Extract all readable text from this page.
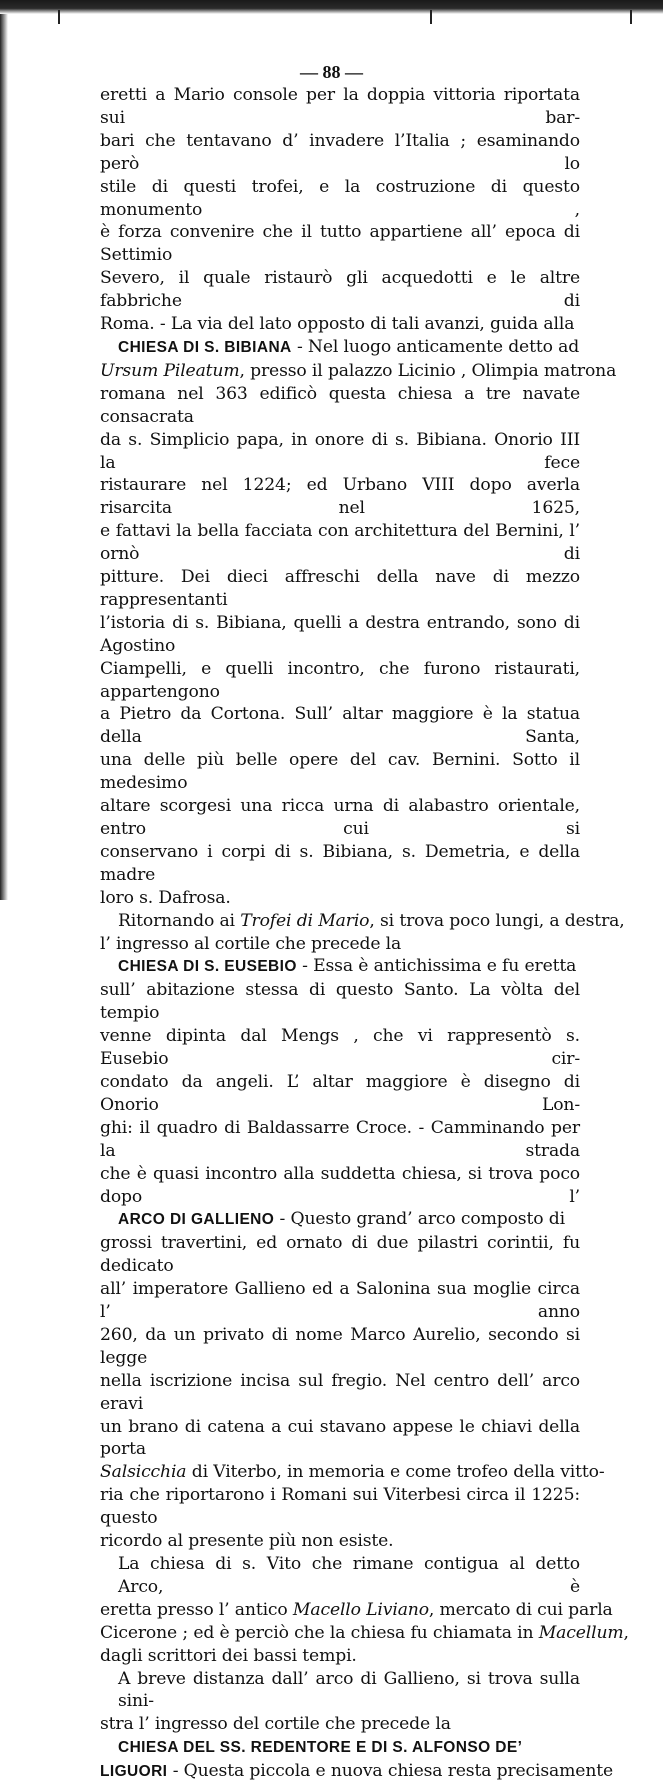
— 88 —
eretti a Mario console per la doppia vittoria riportata sui bar-
bari che tentavano d’ invadere l’Italia ; esaminando però lo
stile di questi trofei, e la costruzione di questo monumento ,
è forza convenire che il tutto appartiene all’ epoca di Settimio
Severo, il quale ristaurò gli acquedotti e le altre fabbriche di
Roma. - La via del lato opposto di tali avanzi, guida alla
CHIESA DI S. BIBIANA - Nel luogo anticamente detto ad
Ursum Pileatum, presso il palazzo Licinio , Olimpia matrona
romana nel 363 edificò questa chiesa a tre navate consacrata
da s. Simplicio papa, in onore di s. Bibiana. Onorio III la fece
ristaurare nel 1224; ed Urbano VIII dopo averla risarcita nel 1625,
e fattavi la bella facciata con architettura del Bernini, l’ ornò di
pitture. Dei dieci affreschi della nave di mezzo rappresentanti
l’istoria di s. Bibiana, quelli a destra entrando, sono di Agostino
Ciampelli, e quelli incontro, che furono ristaurati, appartengono
a Pietro da Cortona. Sull’ altar maggiore è la statua della Santa,
una delle più belle opere del cav. Bernini. Sotto il medesimo
altare scorgesi una ricca urna di alabastro orientale, entro cui si
conservano i corpi di s. Bibiana, s. Demetria, e della madre
loro s. Dafrosa.
Ritornando ai Trofei di Mario, si trova poco lungi, a destra,
l’ ingresso al cortile che precede la
CHIESA DI S. EUSEBIO - Essa è antichissima e fu eretta
sull’ abitazione stessa di questo Santo. La vòlta del tempio
venne dipinta dal Mengs , che vi rappresentò s. Eusebio cir-
condato da angeli. L’ altar maggiore è disegno di Onorio Lon-
ghi: il quadro di Baldassarre Croce. - Camminando per la strada
che è quasi incontro alla suddetta chiesa, si trova poco dopo l’
ARCO DI GALLIENO - Questo grand’ arco composto di
grossi travertini, ed ornato di due pilastri corintii, fu dedicato
all’ imperatore Gallieno ed a Salonina sua moglie circa l’ anno
260, da un privato di nome Marco Aurelio, secondo si legge
nella iscrizione incisa sul fregio. Nel centro dell’ arco eravi
un brano di catena a cui stavano appese le chiavi della porta
Salsicchia di Viterbo, in memoria e come trofeo della vitto-
ria che riportarono i Romani sui Viterbesi circa il 1225: questo
ricordo al presente più non esiste.
La chiesa di s. Vito che rimane contigua al detto Arco, è
eretta presso l’ antico Macello Liviano, mercato di cui parla
Cicerone ; ed è perciò che la chiesa fu chiamata in Macellum,
dagli scrittori dei bassi tempi.
A breve distanza dall’ arco di Gallieno, si trova sulla sini-
stra l’ ingresso del cortile che precede la
CHIESA DEL SS. REDENTORE E DI S. ALFONSO DE’
LIGUORI - Questa piccola e nuova chiesa resta precisamente
